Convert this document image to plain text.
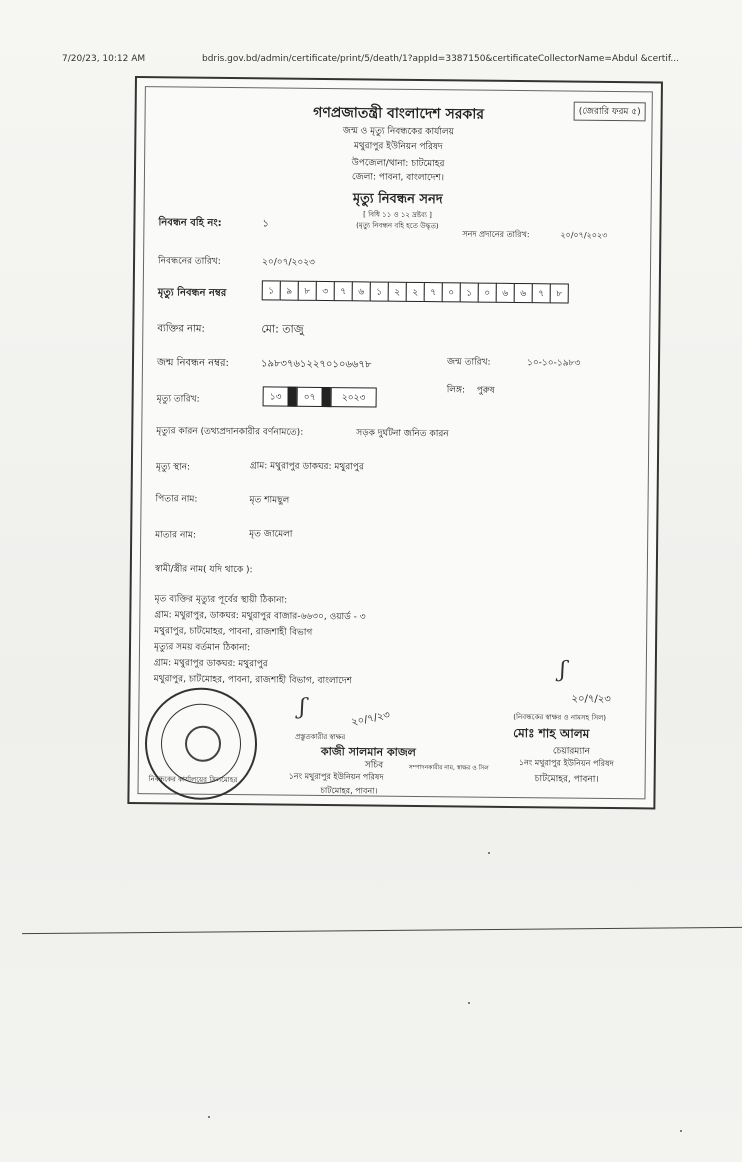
7/20/23, 10:12 AM	bdris.gov.bd/admin/certificate/print/5/death/1?appId=3387150&certificateCollectorName=Abdul &certif...
(জেরারি ফরম ৫)
গণপ্রজাতন্ত্রী বাংলাদেশ সরকার
জন্ম ও মৃত্যু নিবন্ধকের কার্যালয়
মথুরাপুর ইউনিয়ন পরিষদ
উপজেলা/থানা: চাটমোহর
জেলা: পাবনা, বাংলাদেশ।
মৃত্যু নিবন্ধন সনদ
[ বিধি ১১ ও ১২ দ্রষ্টব্য ]
(মৃত্যু নিবন্ধন বহি হতে উদ্ধৃত)
নিবন্ধন বহি নং:	১
সনদ প্রদানের তারিখ:	২০/০৭/২০২৩
নিবন্ধনের তারিখ:	২০/০৭/২০২৩
মৃত্যু নিবন্ধন নম্বর	১	৯	৮	৩	৭	৬	১	২	২	৭	০	১	০	৬	৬	৭	৮
ব্যক্তির নাম:	মো: তাজু
জন্ম নিবন্ধন নম্বর:	১৯৮৩৭৬১২২৭০১০৬৬৭৮	জন্ম তারিখ:	১০-১০-১৯৮৩
লিঙ্গ: পুরুষ
মৃত্যু তারিখ:	১৩	০৭	২০২৩
মৃত্যুর কারন (তথ্যপ্রদানকারীর বর্ণনামতে):	সড়ক দুর্ঘটনা জনিত কারন
মৃত্যু স্থান:	গ্রাম: মথুরাপুর ডাকঘর: মথুরাপুর
পিতার নাম:	মৃত শামছুল
মাতার নাম:	মৃত জামেলা
স্বামী/স্ত্রীর নাম( যদি থাকে ):
মৃত ব্যক্তির মৃত্যুর পূর্বের স্থায়ী ঠিকানা:
গ্রাম: মথুরাপুর, ডাকঘর: মথুরাপুর বাজার-৬৬৩০, ওয়ার্ড - ৩
মথুরাপুর, চাটমোহর, পাবনা, রাজশাহী বিভাগ
মৃত্যুর সময় বর্তমান ঠিকানা:
গ্রাম: মথুরাপুর ডাকঘর: মথুরাপুর
মথুরাপুর, চাটমোহর, পাবনা, রাজশাহী বিভাগ, বাংলাদেশ
ʃ︎	২০/৭/২৩
প্রস্তুতকারীর স্বাক্ষর
কাজী সালমান কাজল
সচিব
১নং মথুরাপুর ইউনিয়ন পরিষদ
চাটমোহর, পাবনা।
নিবন্ধকের কার্যালয়ের সিলমোহর
সম্পাদনকারীর নাম, স্বাক্ষর ও সিল
ʃ︎
২০/৭/২৩
(নিবন্ধকের স্বাক্ষর ও নামসহ সিল)
মোঃ শাহ আলম
চেয়ারম্যান
১নং মথুরাপুর ইউনিয়ন পরিষদ
চাটমোহর, পাবনা।
